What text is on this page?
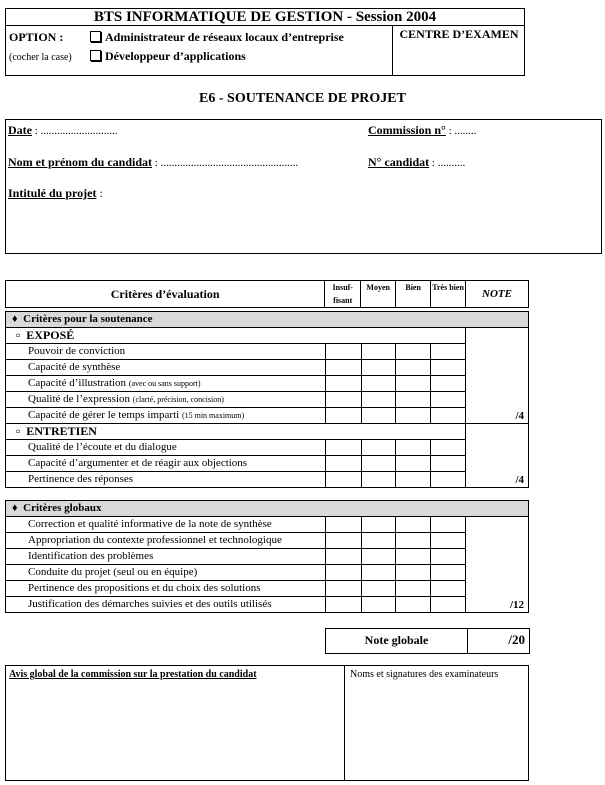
BTS INFORMATIQUE DE GESTION - Session 2004
OPTION :	Administrateur de réseaux locaux d’entreprise
(cocher la case)	Développeur d’applications
CENTRE D’EXAMEN
E6 - SOUTENANCE DE PROJET
Date : ............................	Commission n° : ........
Nom et prénom du candidat : ..................................................	N° candidat : ..........
Intitulé du projet :
Critères d’évaluation	Insuf-fisant	Moyen	Bien	Très bien	NOTE
♦  Critères pour la soutenance					
▫  EXPOSÉ					
Pouvoir de conviction					
Capacité de synthèse					
Capacité d’illustration (avec ou sans support)					
Qualité de l’expression (clarté, précision, concision)					
Capacité de gérer le temps imparti (15 min maximum)					/4
▫  ENTRETIEN					
Qualité de l’écoute et du dialogue					
Capacité d’argumenter et de réagir aux objections					
Pertinence des réponses					/4
♦  Critères globaux					
Correction et qualité informative de la note de synthèse					
Appropriation du contexte professionnel et technologique					
Identification des problèmes					
Conduite du projet (seul ou en équipe)					
Pertinence des propositions et du choix des solutions					
Justification des démarches suivies et des outils utilisés					/12
Note globale	/20
Avis global de la commission sur la prestation du candidat	Noms et signatures des examinateurs
